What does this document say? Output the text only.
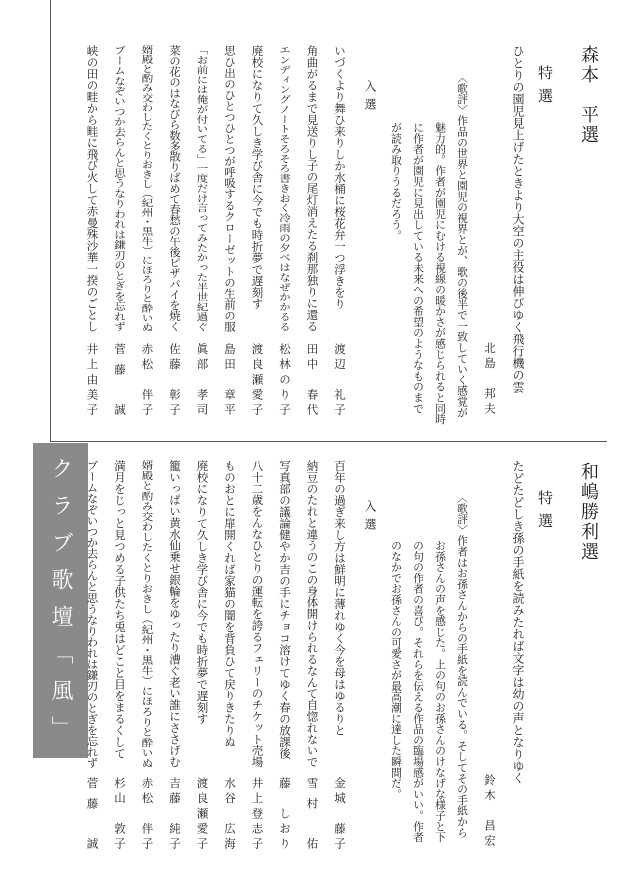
クラブ歌壇「風」
森本　平選
特選
ひとりの園児見上げたときより大空の主役は伸びゆく飛行機の雲
北島　邦夫
〈歌評〉作品の世界と園児の視界とが、歌の後半で一致していく感覚が
魅力的。作者が園児にむける視線の暖かさが感じられると同時
に作者が園児に見出している未来への希望のようなものまで
が読み取りうるだろう。
入選
いづくより舞ひ来りしか水桶に桜花弁一つ浮きをり
渡辺　礼子
角曲がるまで見送りし子の尾灯消えたる刹那独りに還る
田中　春代
エンディングノートそろそろ書きおく冷雨の夕べはなぜかかるる
松林のり子
廃校になりて久しき学び舎に今でも時折夢で遅刻す
渡良瀬愛子
思ひ出のひとつひとつが呼吸するクローゼットの生前の服
島田　章平
「お前には俺が付いてる」一度だけ言ってみたかった半世紀過ぐ
眞部　孝司
菜の花のはなびら数多散りばめて春愁の午後ピザパイを焼く
佐藤　彰子
婿殿と酌み交わしたくとりおきし（紀州・黒牛）にほろりと酔いぬ
赤松　伴子
ブームなぞいつか去らんと思うなりわれは鎌刃のとぎを忘れず
菅藤　誠
峡の田の畦から畦に飛び火して赤曼殊沙華一揆のごとし
井上由美子
和嶋勝利選
特選
たどたどしき孫の手紙を読みたれば文字は幼の声となりゆく
鈴木　昌宏
〈歌評〉作者はお孫さんからの手紙を読んでいる。そしてその手紙から
お孫さんの声を感じた。上の句のお孫さんのけなげな様子と下
の句の作者の喜び。それらを伝える作品の臨場感がいい。作者
のなかでお孫さんの可愛さが最高潮に達した瞬間だ。
入選
百年の過ぎ来し方は鮮明に薄れゆく今を母はゆるりと
金城　藤子
納豆のたれと違うのこの身体開けられるなんて自惚れないで
雪村　佑
写真部の議論健やか吉の手にチョコ溶けてゆく春の放課後
藤　しおり
八十二歳をんなひとりの運転を誇るフェリーのチケット売場
井上登志子
ものおとに扉開くれば家猫の闇を背負ひて戻りきたりぬ
水谷　広海
廃校になりて久しき学び舎に今でも時折夢で遅刻す
渡良瀬愛子
籠いっぱい黄水仙乗せ銀輪をゆったり漕ぐ老い誰にささげむ
吉藤　純子
婿殿と酌み交わしたくとりおきし（紀州・黒牛）にほろりと酔いぬ
赤松　伴子
満月をじっと見つめる子供たち兎はどこと目をまるくして
杉山　敦子
ブームなぞいつか去らんと思うなりわれは鎌刃のとぎを忘れず
菅藤　誠
